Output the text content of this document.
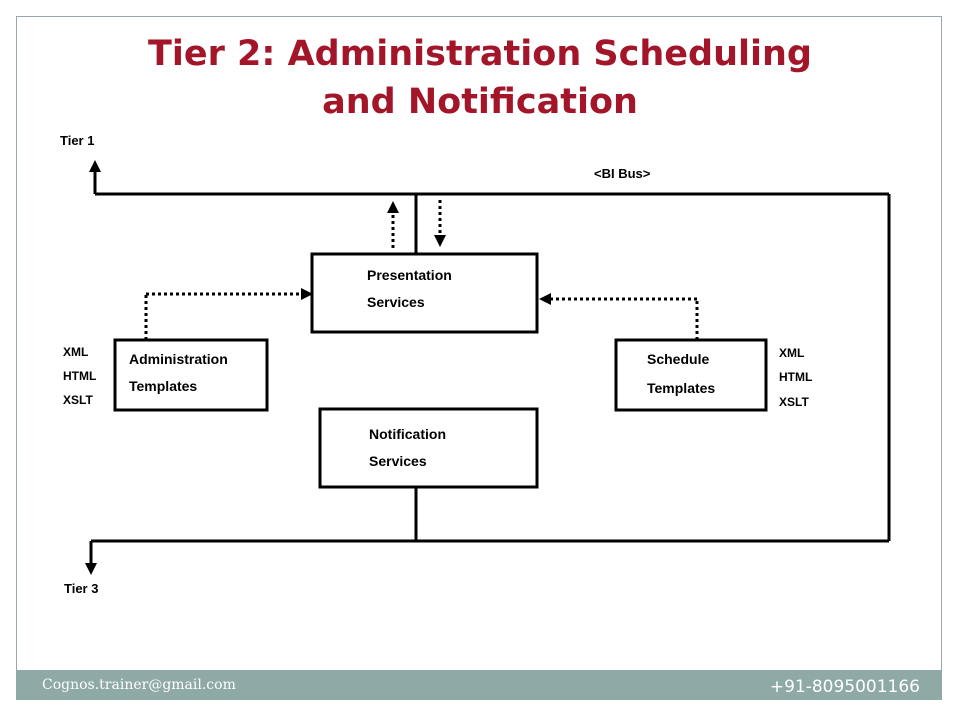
Tier 2: Administration Scheduling
and Notification
Presentation
Services
Administration
Templates
Schedule
Templates
Notification
Services
XML
HTML
XSLT
XML
HTML
XSLT
Tier 1
Tier 3
<BI Bus>
Cognos.trainer@gmail.com	+91-8095001166
